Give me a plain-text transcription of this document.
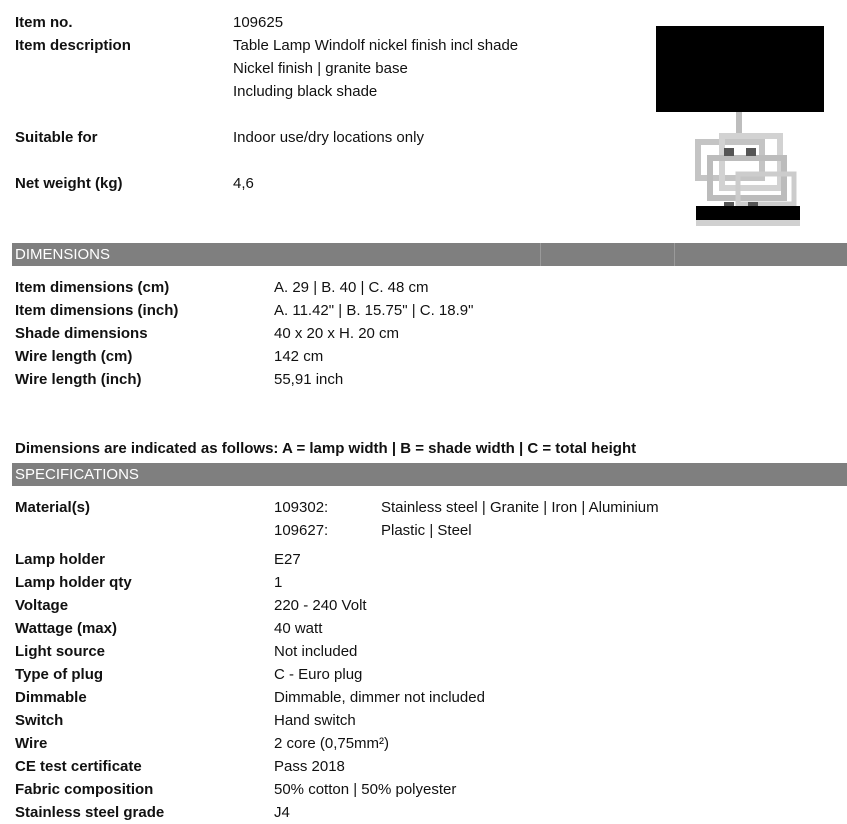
Item no.	109625
Item description	Table Lamp Windolf nickel finish incl shade
Nickel finish | granite base
Including black shade
Suitable for	Indoor use/dry locations only
Net weight (kg)	4,6
DIMENSIONS
Item dimensions (cm)	A. 29 | B. 40 | C. 48 cm
Item dimensions (inch)	A. 11.42" | B. 15.75" | C. 18.9"
Shade dimensions	40 x 20 x H. 20 cm
Wire length (cm)	142 cm
Wire length (inch)	55,91 inch
Dimensions are indicated as follows: A = lamp width | B = shade width | C = total height
SPECIFICATIONS
Material(s)	109302:	Stainless steel | Granite | Iron | Aluminium
109627:	Plastic | Steel
Lamp holder	E27
Lamp holder qty	1
Voltage	220 - 240 Volt
Wattage (max)	40 watt
Light source	Not included
Type of plug	C - Euro plug
Dimmable	Dimmable, dimmer not included
Switch	Hand switch
Wire	2 core (0,75mm²)
CE test certificate	Pass 2018
Fabric composition	50% cotton | 50% polyester
Stainless steel grade	J4
